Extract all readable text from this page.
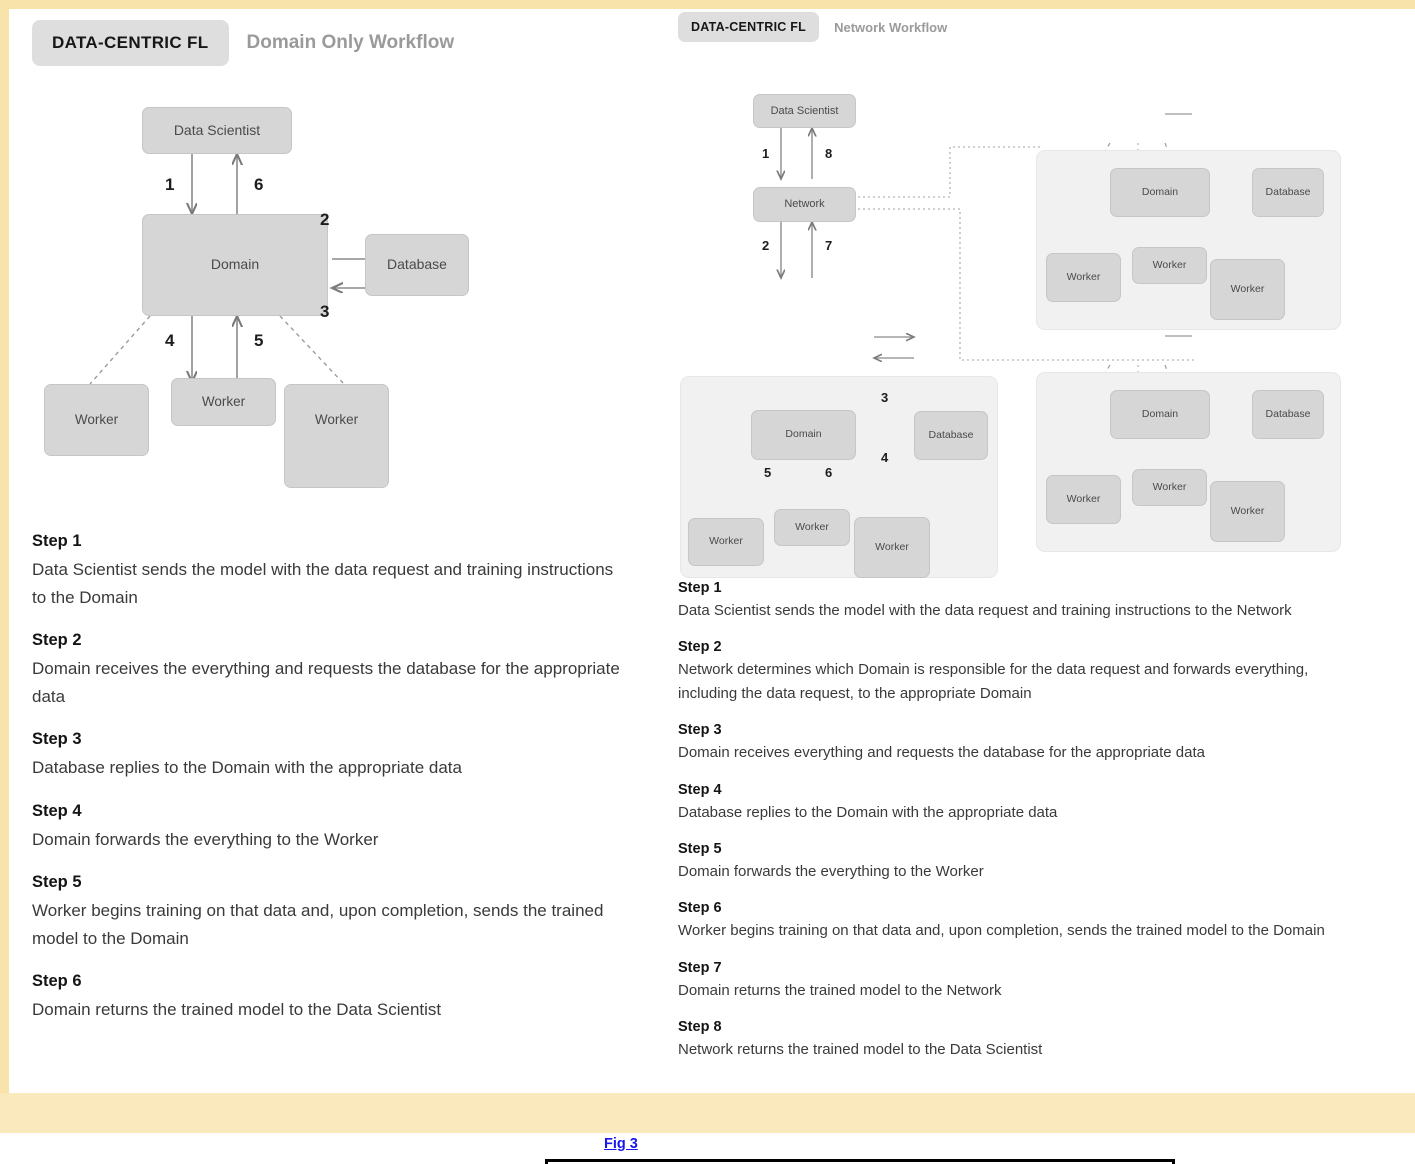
DATA-CENTRIC FL	Domain Only Workflow
Data Scientist
Domain	Database
Worker
Worker
Worker
1	6
2
3
4	5
Step 1
Data Scientist sends the model with the data request and training instructions to the Domain
Step 2
Domain receives the everything and requests the database for the appropriate data
Step 3
Database replies to the Domain with the appropriate data
Step 4
Domain forwards the everything to the Worker
Step 5
Worker begins training on that data and, upon completion, sends the trained model to the Domain
Step 6
Domain returns the trained model to the Data Scientist
DATA-CENTRIC FL	Network Workflow
Data Scientist
Network
1	8
2	7
Domain	Database
Worker
Worker
Worker
Domain	Database
Worker
Worker
Worker
3
4
5	6
Domain	Database
Worker
Worker
Worker
Step 1
Data Scientist sends the model with the data request and training instructions to the Network
Step 2
Network determines which Domain is responsible for the data request and forwards everything, including the data request, to the appropriate Domain
Step 3
Domain receives everything and requests the database for the appropriate data
Step 4
Database replies to the Domain with the appropriate data
Step 5
Domain forwards the everything to the Worker
Step 6
Worker begins training on that data and, upon completion, sends the trained model to the Domain
Step 7
Domain returns the trained model to the Network
Step 8
Network returns the trained model to the Data Scientist
Fig 3
